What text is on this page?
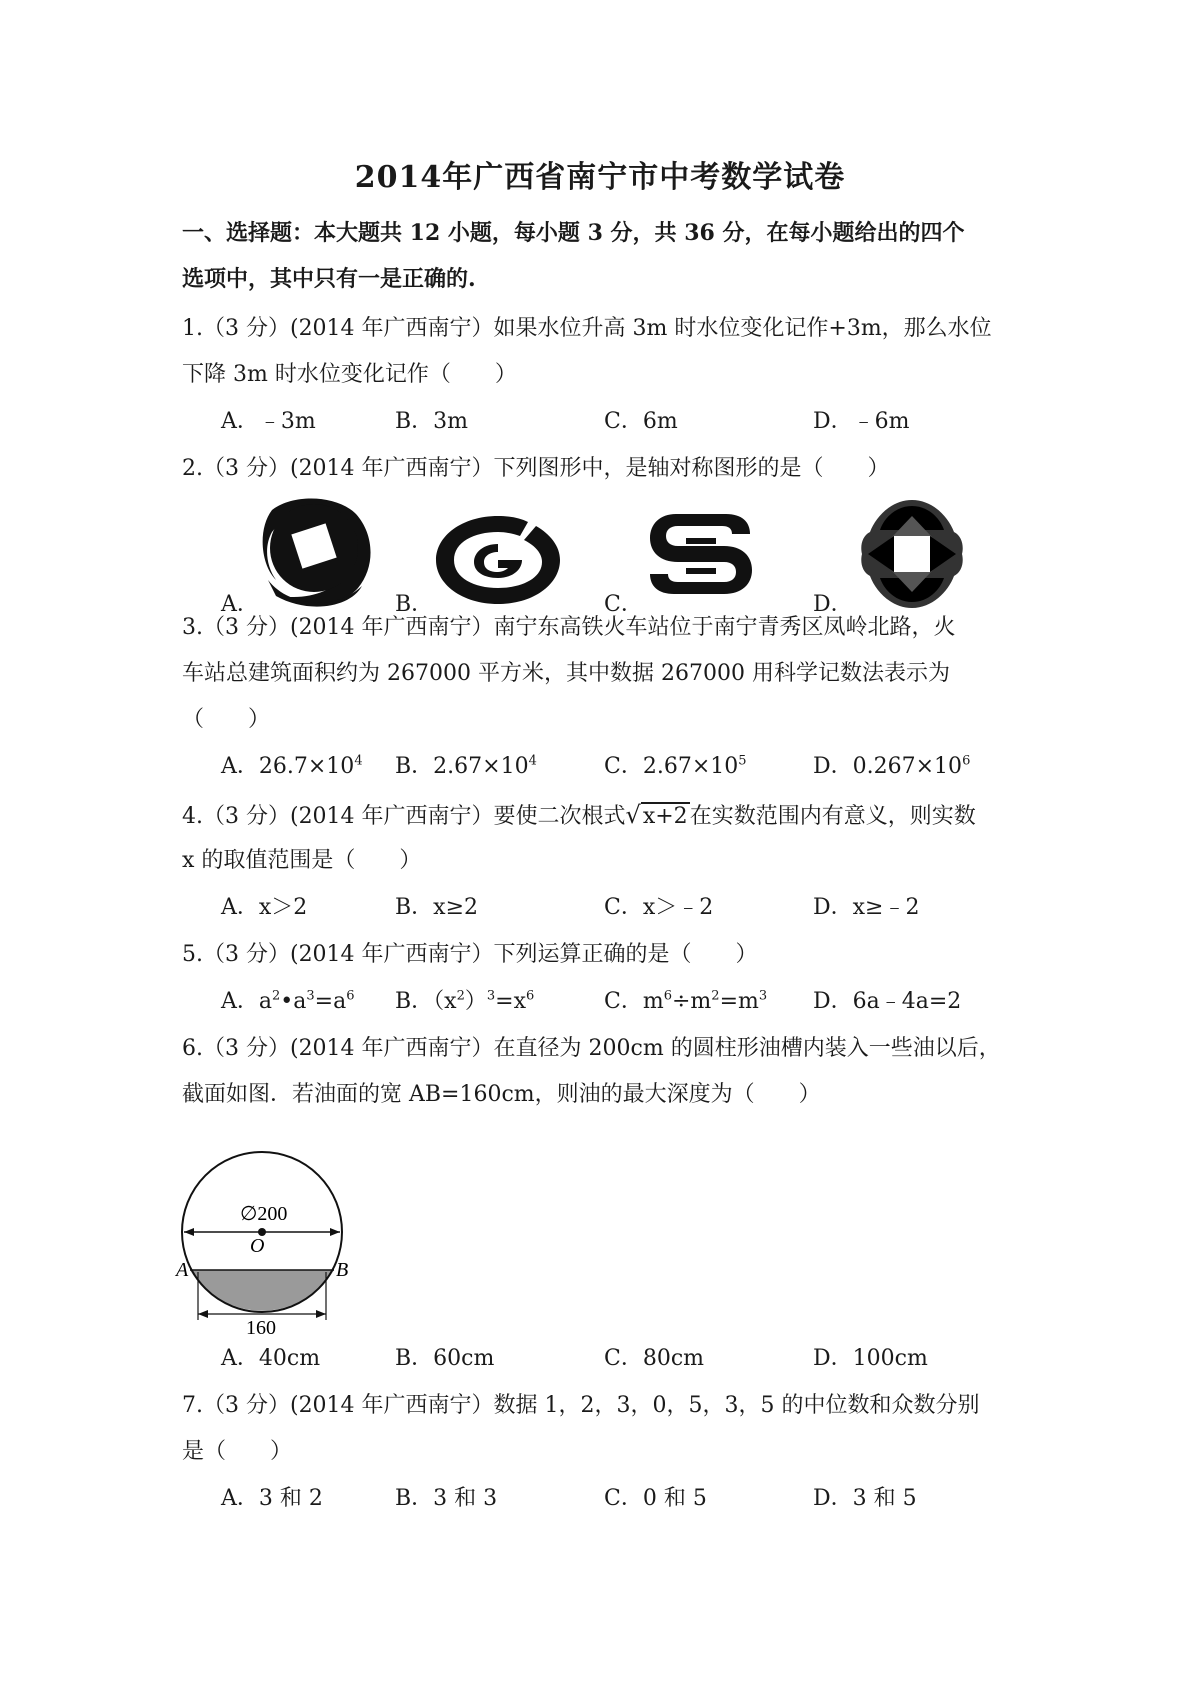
2014年广西省南宁市中考数学试卷
一、选择题：本大题共 12 小题，每小题 3 分，共 36 分，在每小题给出的四个
选项中，其中只有一是正确的.
1.（3 分）(2014 年广西南宁）如果水位升高 3m 时水位变化记作+3m，那么水位
下降 3m 时水位变化记作（　　）
A．﹣3m	B．3m	C．6m	D．﹣6m
2.（3 分）(2014 年广西南宁）下列图形中，是轴对称图形的是（　　）
A．	B．	C．	D．
3.（3 分）(2014 年广西南宁）南宁东高铁火车站位于南宁青秀区凤岭北路，火
车站总建筑面积约为 267000 平方米，其中数据 267000 用科学记数法表示为
（　　）
A．$26.7\times 10^4$ B．$2.67\times 10^4$	C．$2.67\times 10^5$	D．$0.267\times 10^6$
4.（3 分）(2014 年广西南宁）要使二次根式√x+2在实数范围内有意义，则实数
x 的取值范围是（　　）
A．x＞2	B．x≥2	C．x＞﹣2	D．x≥﹣2
5.（3 分）(2014 年广西南宁）下列运算正确的是（　　）
A．$a^2•a^3=a^6$ B．$(x^2)^3=x^6$	C．$m^6\div m^2=m^3$ D．6a﹣4a=2
6.（3 分）(2014 年广西南宁）在直径为 200cm 的圆柱形油槽内装入一些油以后，
截面如图．若油面的宽 AB=160cm，则油的最大深度为（　　）
∅200
O
A	B
160
A．40cm	B．60cm	C．80cm	D．100cm
7.（3 分）(2014 年广西南宁）数据 1，2，3，0，5，3，5 的中位数和众数分别
是（　　）
A．3 和 2	B．3 和 3	C．0 和 5	D．3 和 5
